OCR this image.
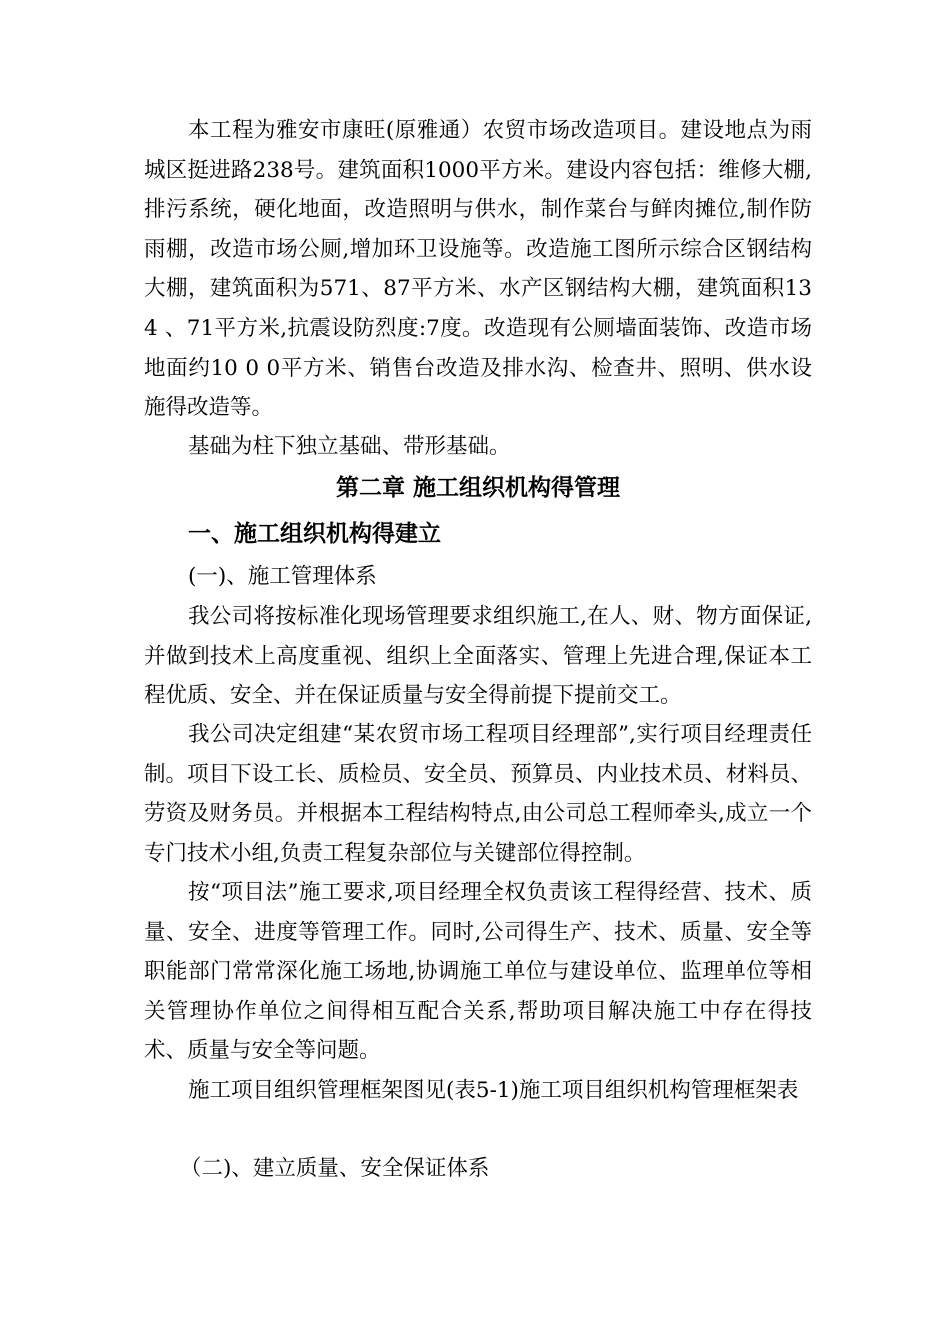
本工程为雅安市康旺(原雅通）农贸市场改造项目。建设地点为雨城区挺进路238号。建筑面积1000平方米。建设内容包括：维修大棚,排污系统，硬化地面，改造照明与供水，制作菜台与鲜肉摊位,制作防雨棚，改造市场公厕,增加环卫设施等。改造施工图所示综合区钢结构大棚，建筑面积为571、87平方米、水产区钢结构大棚，建筑面积13 4 、71平方米,抗震设防烈度:7度。改造现有公厕墙面装饰、改造市场地面约10 0 0平方米、销售台改造及排水沟、检查井、照明、供水设施得改造等。

基础为柱下独立基础、带形基础。

第二章 施工组织机构得管理
一、施工组织机构得建立

(一)、施工管理体系

我公司将按标准化现场管理要求组织施工,在人、财、物方面保证,并做到技术上高度重视、组织上全面落实、管理上先进合理,保证本工程优质、安全、并在保证质量与安全得前提下提前交工。

我公司决定组建“某农贸市场工程项目经理部”,实行项目经理责任制。项目下设工长、质检员、安全员、预算员、内业技术员、材料员、劳资及财务员。并根据本工程结构特点,由公司总工程师牵头,成立一个专门技术小组,负责工程复杂部位与关键部位得控制。

按“项目法”施工要求,项目经理全权负责该工程得经营、技术、质量、安全、进度等管理工作。同时,公司得生产、技术、质量、安全等职能部门常常深化施工场地,协调施工单位与建设单位、监理单位等相关管理协作单位之间得相互配合关系,帮助项目解决施工中存在得技术、质量与安全等问题。

施工项目组织管理框架图见(表5-1)施工项目组织机构管理框架表

（二)、建立质量、安全保证体系
